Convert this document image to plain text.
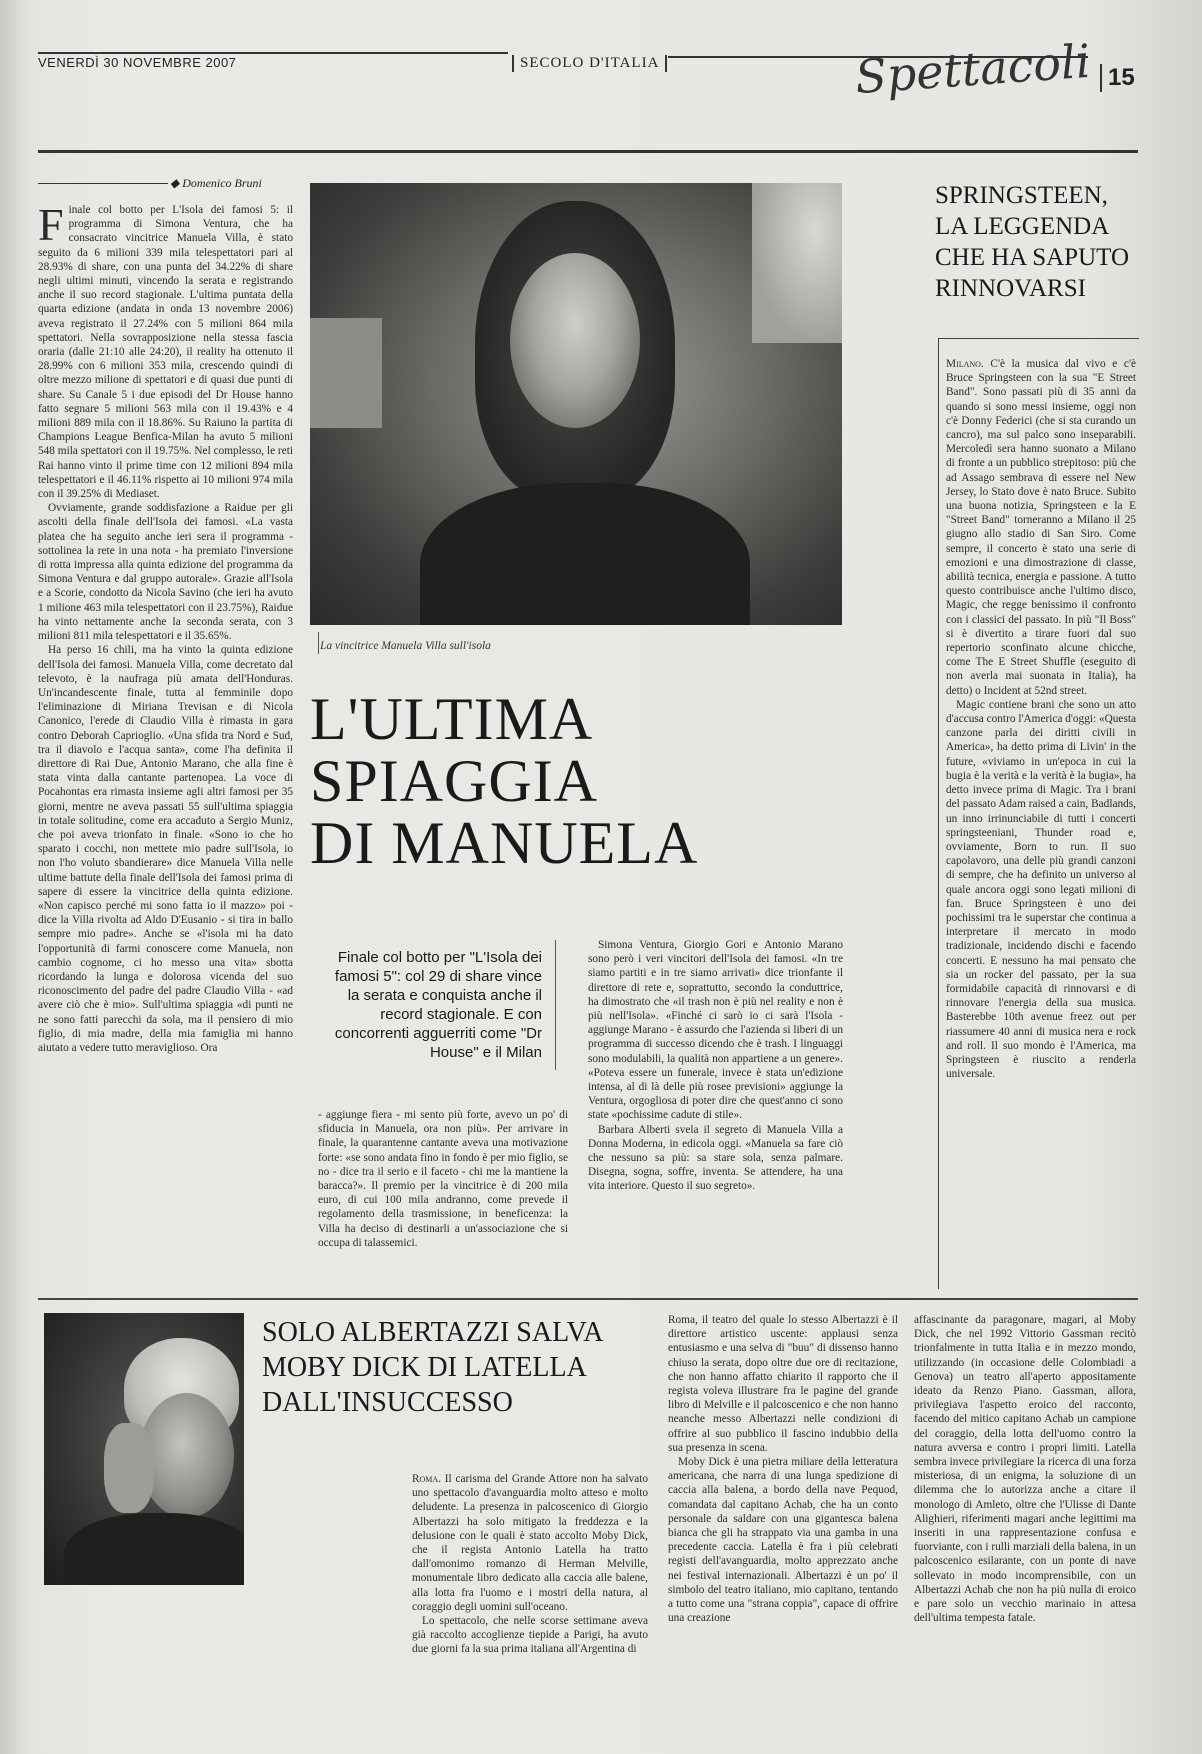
VENERDÌ 30 NOVEMBRE 2007	SECOLO D'ITALIA	Spettacoli 15
◆ Domenico Bruni

Finale col botto per L'Isola dei famosi 5: il programma di Simona Ventura, che ha consacrato vincitrice Manuela Villa, è stato seguito da 6 milioni 339 mila telespettatori pari al 28.93% di share, con una punta del 34.22% di share negli ultimi minuti, vincendo la serata e registrando anche il suo record stagionale. L'ultima puntata della quarta edizione (andata in onda 13 novembre 2006) aveva registrato il 27.24% con 5 milioni 864 mila spettatori. Nella sovrapposizione nella stessa fascia oraria (dalle 21:10 alle 24:20), il reality ha ottenuto il 28.99% con 6 milioni 353 mila, crescendo quindi di oltre mezzo milione di spettatori e di quasi due punti di share. Su Canale 5 i due episodi del Dr House hanno fatto segnare 5 milioni 563 mila con il 19.43% e 4 milioni 889 mila con il 18.86%. Su Raiuno la partita di Champions League Benfica-Milan ha avuto 5 milioni 548 mila spettatori con il 19.75%. Nel complesso, le reti Rai hanno vinto il prime time con 12 milioni 894 mila telespettatori e il 46.11% rispetto ai 10 milioni 974 mila con il 39.25% di Mediaset.

Ovviamente, grande soddisfazione a Raidue per gli ascolti della finale dell'Isola dei famosi. «La vasta platea che ha seguito anche ieri sera il programma - sottolinea la rete in una nota - ha premiato l'inversione di rotta impressa alla quinta edizione del programma da Simona Ventura e dal gruppo autorale». Grazie all'Isola e a Scorie, condotto da Nicola Savino (che ieri ha avuto 1 milione 463 mila telespettatori con il 23.75%), Raidue ha vinto nettamente anche la seconda serata, con 3 milioni 811 mila telespettatori e il 35.65%.

Ha perso 16 chili, ma ha vinto la quinta edizione dell'Isola dei famosi. Manuela Villa, come decretato dal televoto, è la naufraga più amata dell'Honduras. Un'incandescente finale, tutta al femminile dopo l'eliminazione di Miriana Trevisan e di Nicola Canonico, l'erede di Claudio Villa è rimasta in gara contro Deborah Caprioglio. «Una sfida tra Nord e Sud, tra il diavolo e l'acqua santa», come l'ha definita il direttore di Rai Due, Antonio Marano, che alla fine è stata vinta dalla cantante partenopea. La voce di Pocahontas era rimasta insieme agli altri famosi per 35 giorni, mentre ne aveva passati 55 sull'ultima spiaggia in totale solitudine, come era accaduto a Sergio Muniz, che poi aveva trionfato in finale. «Sono io che ho sparato i cocchi, non mettete mio padre sull'Isola, io non l'ho voluto sbandierare» dice Manuela Villa nelle ultime battute della finale dell'Isola dei famosi prima di sapere di essere la vincitrice della quinta edizione. «Non capisco perché mi sono fatta io il mazzo» poi - dice la Villa rivolta ad Aldo D'Eusanio - si tira in ballo sempre mio padre». Anche se «l'isola mi ha dato l'opportunità di farmi conoscere come Manuela, non cambio cognome, ci ho messo una vita» sbotta ricordando la lunga e dolorosa vicenda del suo riconoscimento del padre del padre Claudio Villa - «ad avere ciò che è mio». Sull'ultima spiaggia «di punti ne ne sono fatti parecchi da sola, ma il pensiero di mio figlio, di mia madre, della mia famiglia mi hanno aiutato a vedere tutto meraviglioso. Ora

La vincitrice Manuela Villa sull'isola
L'ULTIMA
SPIAGGIA
DI MANUELA
Finale col botto per "L'Isola dei famosi 5": col 29 di share vince la serata e conquista anche il record stagionale. E con concorrenti agguerriti come "Dr House" e il Milan

- aggiunge fiera - mi sento più forte, avevo un po' di sfiducia in Manuela, ora non più». Per arrivare in finale, la quarantenne cantante aveva una motivazione forte: «se sono andata fino in fondo è per mio figlio, se no - dice tra il serio e il faceto - chi me la mantiene la baracca?». Il premio per la vincitrice è di 200 mila euro, di cui 100 mila andranno, come prevede il regolamento della trasmissione, in beneficenza: la Villa ha deciso di destinarli a un'associazione che si occupa di talassemici.

Simona Ventura, Giorgio Gori e Antonio Marano sono però i veri vincitori dell'Isola dei famosi. «In tre siamo partiti e in tre siamo arrivati» dice trionfante il direttore di rete e, soprattutto, secondo la conduttrice, ha dimostrato che «il trash non è più nel reality e non è più nell'Isola». «Finché ci sarò io ci sarà l'Isola - aggiunge Marano - è assurdo che l'azienda si liberi di un programma di successo dicendo che è trash. I linguaggi sono modulabili, la qualità non appartiene a un genere». «Poteva essere un funerale, invece è stata un'edizione intensa, al di là delle più rosee previsioni» aggiunge la Ventura, orgogliosa di poter dire che quest'anno ci sono state «pochissime cadute di stile».

Barbara Alberti svela il segreto di Manuela Villa a Donna Moderna, in edicola oggi. «Manuela sa fare ciò che nessuno sa più: sa stare sola, senza palmare. Disegna, sogna, soffre, inventa. Se attendere, ha una vita interiore. Questo il suo segreto».

SPRINGSTEEN,
LA LEGGENDA
CHE HA SAPUTO
RINNOVARSI

Milano. C'è la musica dal vivo e c'è Bruce Springsteen con la sua "E Street Band". Sono passati più di 35 anni da quando si sono messi insieme, oggi non c'è Donny Federici (che si sta curando un cancro), ma sul palco sono inseparabili. Mercoledì sera hanno suonato a Milano di fronte a un pubblico strepitoso: più che ad Assago sembrava di essere nel New Jersey, lo Stato dove è nato Bruce. Subito una buona notizia, Springsteen e la E "Street Band" torneranno a Milano il 25 giugno allo stadio di San Siro. Come sempre, il concerto è stato una serie di emozioni e una dimostrazione di classe, abilità tecnica, energia e passione. A tutto questo contribuisce anche l'ultimo disco, Magic, che regge benissimo il confronto con i classici del passato. In più "Il Boss" si è divertito a tirare fuori dal suo repertorio sconfinato alcune chicche, come The E Street Shuffle (eseguito di non averla mai suonata in Italia), ha detto) o Incident at 52nd street.

Magic contiene brani che sono un atto d'accusa contro l'America d'oggi: «Questa canzone parla dei diritti civili in America», ha detto prima di Livin' in the future, «viviamo in un'epoca in cui la bugia è la verità e la verità è la bugia», ha detto invece prima di Magic. Tra i brani del passato Adam raised a cain, Badlands, un inno irrinunciabile di tutti i concerti springsteeniani, Thunder road e, ovviamente, Born to run. Il suo capolavoro, una delle più grandi canzoni di sempre, che ha definito un universo al quale ancora oggi sono legati milioni di fan. Bruce Springsteen è uno dei pochissimi tra le superstar che continua a interpretare il mercato in modo tradizionale, incidendo dischi e facendo concerti. E nessuno ha mai pensato che sia un rocker del passato, per la sua formidabile capacità di rinnovarsi e di rinnovare l'energia della sua musica. Basterebbe 10th avenue freez out per riassumere 40 anni di musica nera e rock and roll. Il suo mondo è l'America, ma Springsteen è riuscito a renderla universale.

SOLO ALBERTAZZI SALVA
MOBY DICK DI LATELLA
DALL'INSUCCESSO

Roma. Il carisma del Grande Attore non ha salvato uno spettacolo d'avanguardia molto atteso e molto deludente. La presenza in palcoscenico di Giorgio Albertazzi ha solo mitigato la freddezza e la delusione con le quali è stato accolto Moby Dick, che il regista Antonio Latella ha tratto dall'omonimo romanzo di Herman Melville, monumentale libro dedicato alla caccia alle balene, alla lotta fra l'uomo e i mostri della natura, al coraggio degli uomini sull'oceano.

Lo spettacolo, che nelle scorse settimane aveva già raccolto accoglienze tiepide a Parigi, ha avuto due giorni fa la sua prima italiana all'Argentina di

Roma, il teatro del quale lo stesso Albertazzi è il direttore artistico uscente: applausi senza entusiasmo e una selva di "buu" di dissenso hanno chiuso la serata, dopo oltre due ore di recitazione, che non hanno affatto chiarito il rapporto che il regista voleva illustrare fra le pagine del grande libro di Melville e il palcoscenico e che non hanno neanche messo Albertazzi nelle condizioni di offrire al suo pubblico il fascino indubbio della sua presenza in scena.

Moby Dick è una pietra miliare della letteratura americana, che narra di una lunga spedizione di caccia alla balena, a bordo della nave Pequod, comandata dal capitano Achab, che ha un conto personale da saldare con una gigantesca balena bianca che gli ha strappato via una gamba in una precedente caccia. Latella è fra i più celebrati registi dell'avanguardia, molto apprezzato anche nei festival internazionali. Albertazzi è un po' il simbolo del teatro italiano, mio capitano, tentando a tutto come una "strana coppia", capace di offrire una creazione

affascinante da paragonare, magari, al Moby Dick, che nel 1992 Vittorio Gassman recitò trionfalmente in tutta Italia e in mezzo mondo, utilizzando (in occasione delle Colombiadi a Genova) un teatro all'aperto appositamente ideato da Renzo Piano. Gassman, allora, privilegiava l'aspetto eroico del racconto, facendo del mitico capitano Achab un campione del coraggio, della lotta dell'uomo contro la natura avversa e contro i propri limiti. Latella sembra invece privilegiare la ricerca di una forza misteriosa, di un enigma, la soluzione di un dilemma che lo autorizza anche a citare il monologo di Amleto, oltre che l'Ulisse di Dante Alighieri, riferimenti magari anche legittimi ma inseriti in una rappresentazione confusa e fuorviante, con i rulli marziali della balena, in un palcoscenico esilarante, con un ponte di nave sollevato in modo incomprensibile, con un Albertazzi Achab che non ha più nulla di eroico e pare solo un vecchio marinaio in attesa dell'ultima tempesta fatale.
